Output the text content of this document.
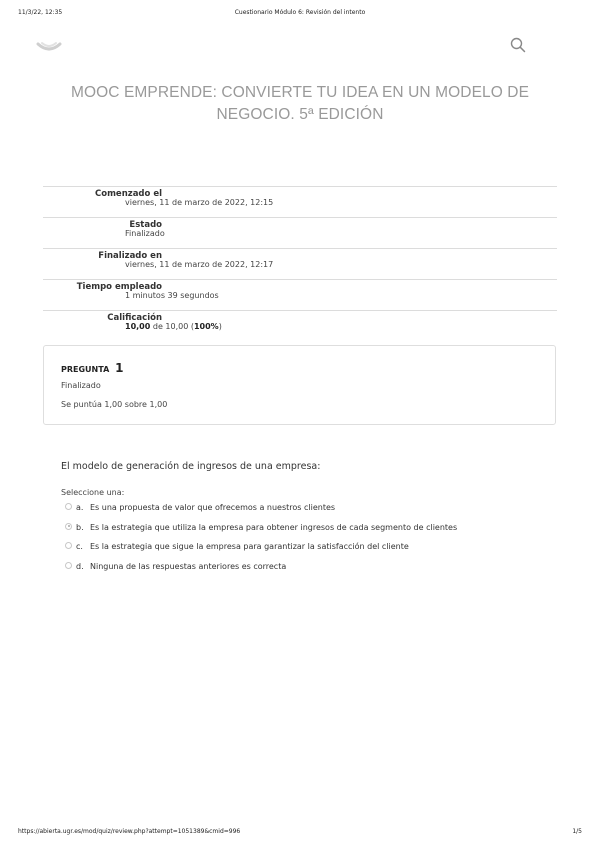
11/3/22, 12:35	Cuestionario Módulo 6: Revisión del intento
MOOC EMPRENDE: CONVIERTE TU IDEA EN UN MODELO DE NEGOCIO. 5ª EDICIÓN
Comenzado el
viernes, 11 de marzo de 2022, 12:15
Estado
Finalizado
Finalizado en
viernes, 11 de marzo de 2022, 12:17
Tiempo empleado
1 minutos 39 segundos
Calificación
10,00 de 10,00 (100%)
PREGUNTA 1
Finalizado
Se puntúa 1,00 sobre 1,00
El modelo de generación de ingresos de una empresa:
Seleccione una:
a. Es una propuesta de valor que ofrecemos a nuestros clientes
b. Es la estrategia que utiliza la empresa para obtener ingresos de cada segmento de clientes
c. Es la estrategia que sigue la empresa para garantizar la satisfacción del cliente
d. Ninguna de las respuestas anteriores es correcta
https://abierta.ugr.es/mod/quiz/review.php?attempt=1051389&cmid=996	1/5
